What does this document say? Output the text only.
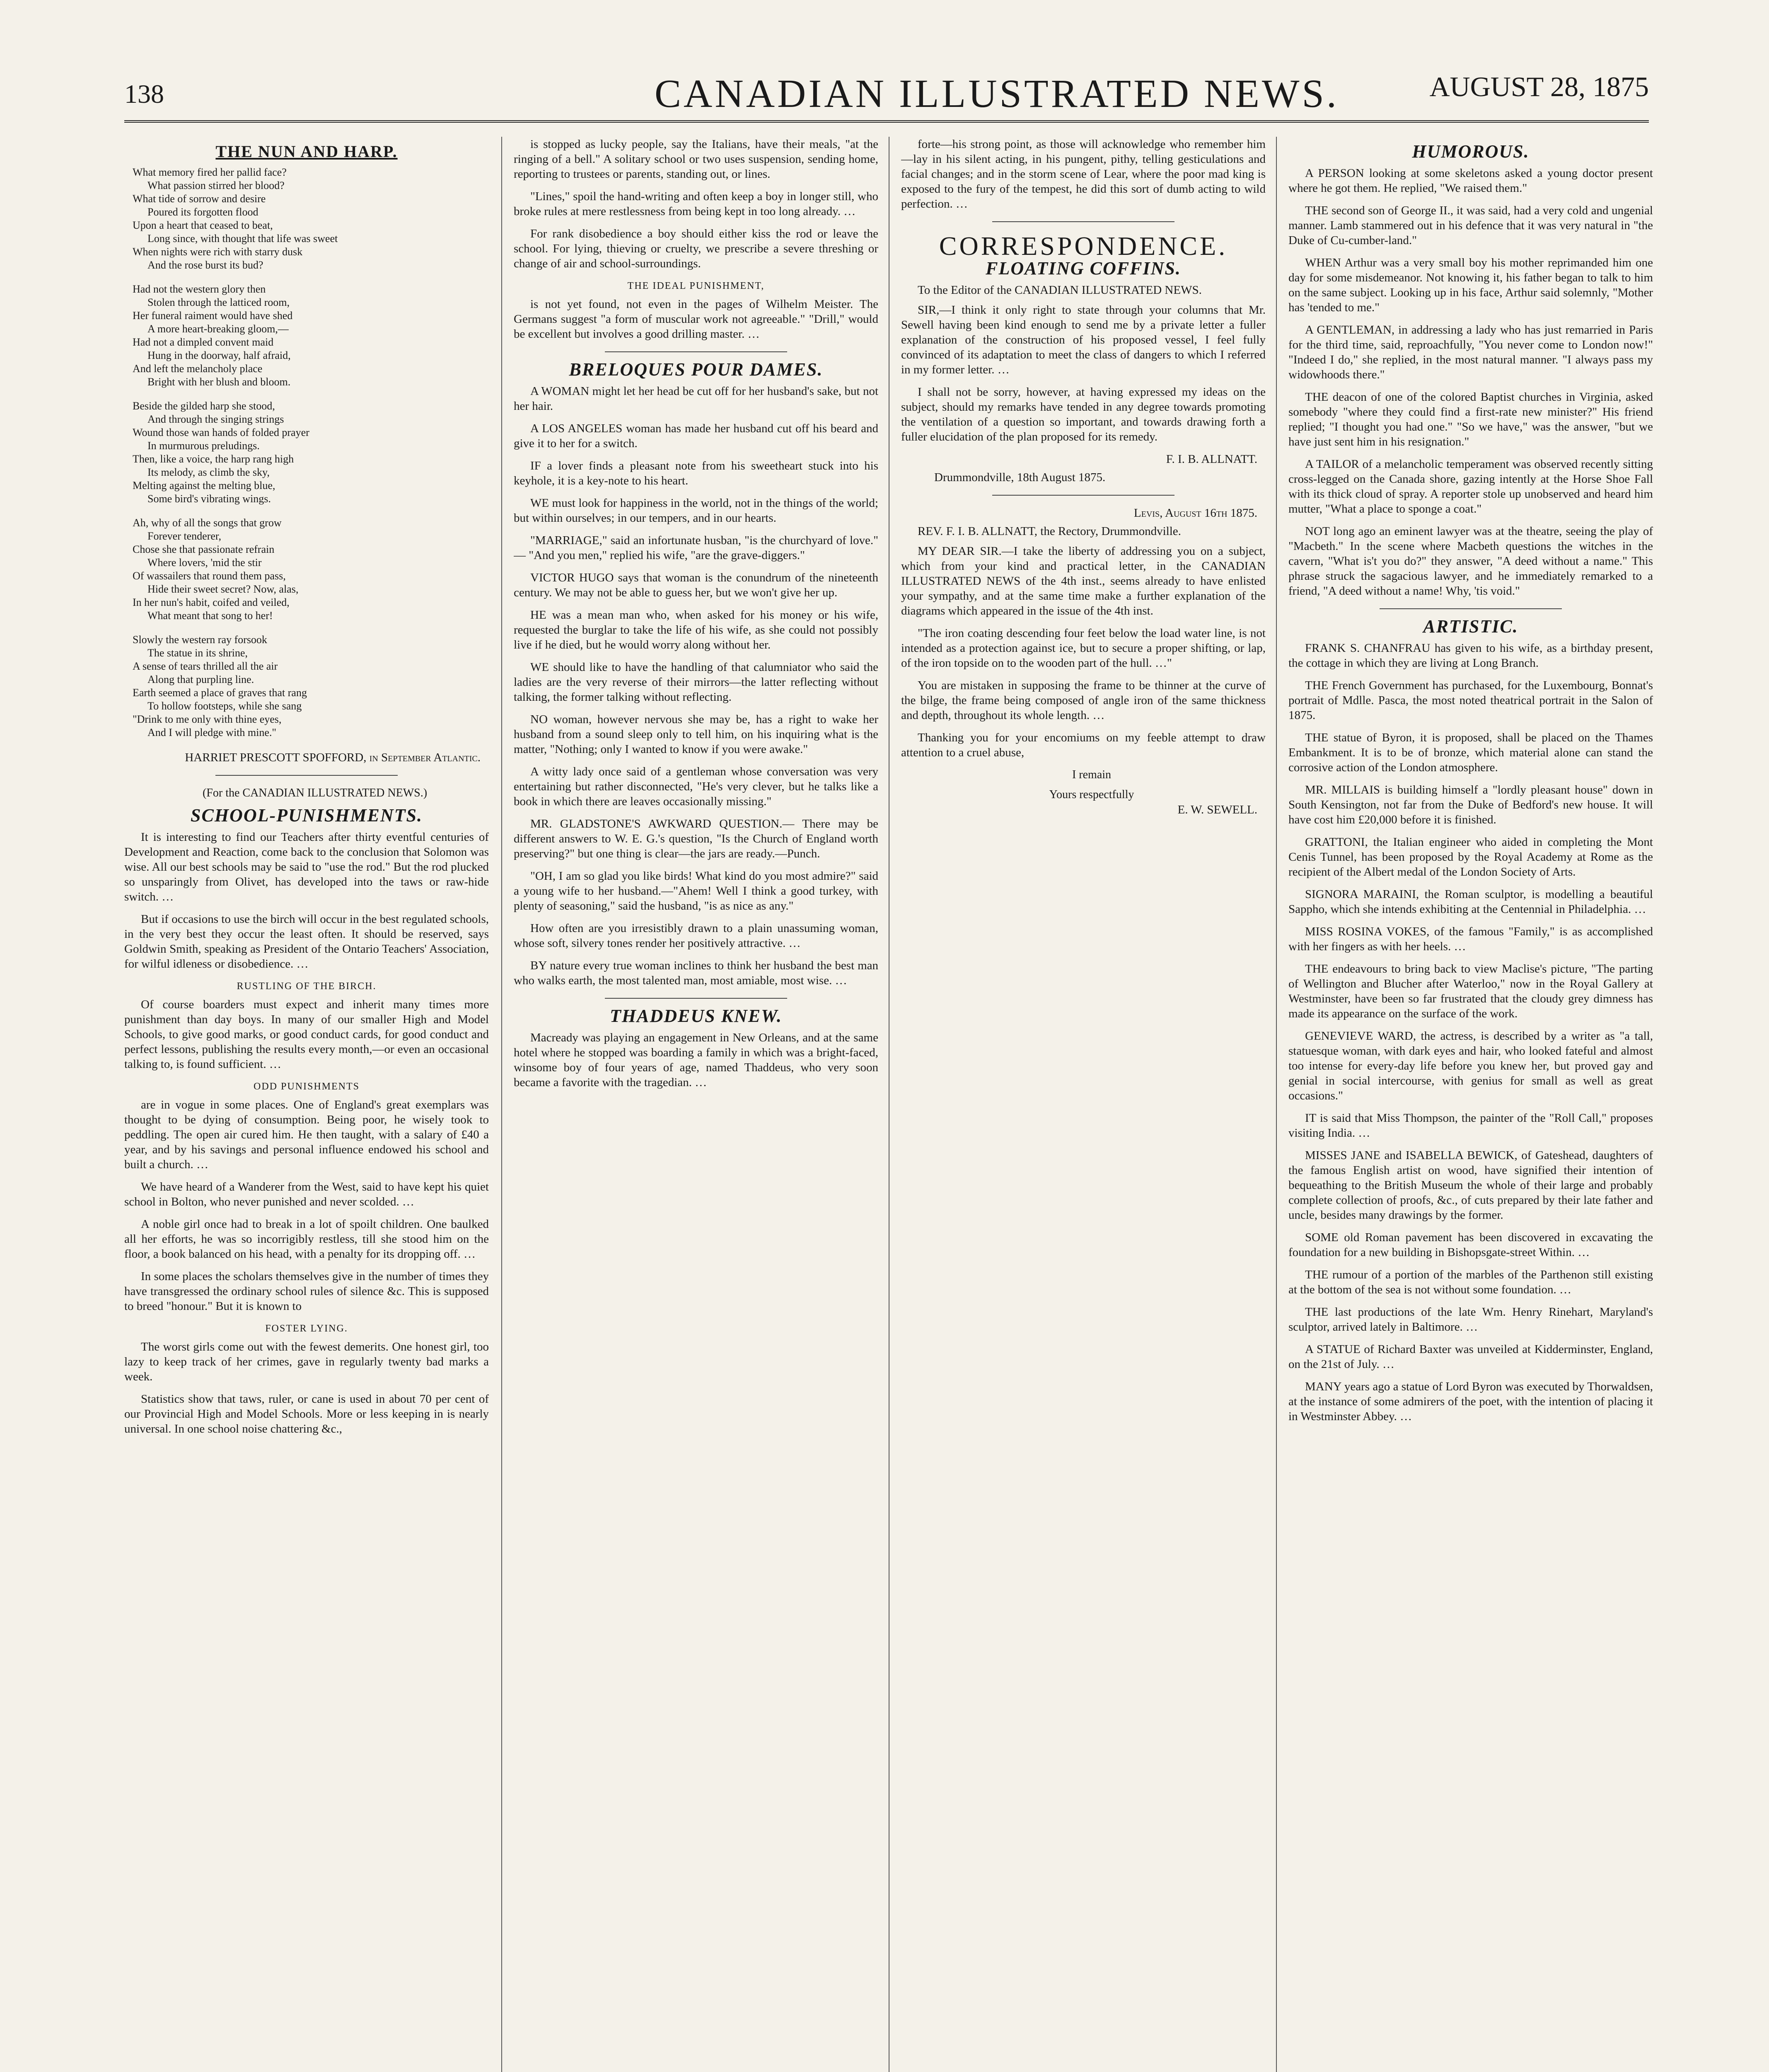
138	CANADIAN ILLUSTRATED NEWS.	AUGUST 28, 1875
THE NUN AND HARP.
What memory fired her pallid face?
What passion stirred her blood?
What tide of sorrow and desire
Poured its forgotten flood
Upon a heart that ceased to beat,
Long since, with thought that life was sweet
When nights were rich with starry dusk
And the rose burst its bud?
Had not the western glory then
Stolen through the latticed room,
Her funeral raiment would have shed
A more heart-breaking gloom,—
Had not a dimpled convent maid
Hung in the doorway, half afraid,
And left the melancholy place
Bright with her blush and bloom.
Beside the gilded harp she stood,
And through the singing strings
Wound those wan hands of folded prayer
In murmurous preludings.
Then, like a voice, the harp rang high
Its melody, as climb the sky,
Melting against the melting blue,
Some bird's vibrating wings.
Ah, why of all the songs that grow
Forever tenderer,
Chose she that passionate refrain
Where lovers, 'mid the stir
Of wassailers that round them pass,
Hide their sweet secret? Now, alas,
In her nun's habit, coifed and veiled,
What meant that song to her!
Slowly the western ray forsook
The statue in its shrine,
A sense of tears thrilled all the air
Along that purpling line.
Earth seemed a place of graves that rang
To hollow footsteps, while she sang
"Drink to me only with thine eyes,
And I will pledge with mine."

HARRIET PRESCOTT SPOFFORD, in September Atlantic.

(For the CANADIAN ILLUSTRATED NEWS.)

SCHOOL-PUNISHMENTS.

It is interesting to find our Teachers after thirty eventful centuries of Development and Reaction, come back to the conclusion that Solomon was wise. All our best schools may be said to "use the rod." But the rod plucked so unsparingly from Olivet, has developed into the taws or raw-hide switch. …

But if occasions to use the birch will occur in the best regulated schools, in the very best they occur the least often. It should be reserved, says Goldwin Smith, speaking as President of the Ontario Teachers' Association, for wilful idleness or disobedience. …

RUSTLING OF THE BIRCH.

Of course boarders must expect and inherit many times more punishment than day boys. In many of our smaller High and Model Schools, to give good marks, or good conduct cards, for good conduct and perfect lessons, publishing the results every month,—or even an occasional talking to, is found sufficient. …

ODD PUNISHMENTS

are in vogue in some places. One of England's great exemplars was thought to be dying of consumption. Being poor, he wisely took to peddling. The open air cured him. He then taught, with a salary of £40 a year, and by his savings and personal influence endowed his school and built a church. …

We have heard of a Wanderer from the West, said to have kept his quiet school in Bolton, who never punished and never scolded. …

A noble girl once had to break in a lot of spoilt children. One baulked all her efforts, he was so incorrigibly restless, till she stood him on the floor, a book balanced on his head, with a penalty for its dropping off. …

In some places the scholars themselves give in the number of times they have transgressed the ordinary school rules of silence &c. This is supposed to breed "honour." But it is known to

FOSTER LYING.

The worst girls come out with the fewest demerits. One honest girl, too lazy to keep track of her crimes, gave in regularly twenty bad marks a week.

Statistics show that taws, ruler, or cane is used in about 70 per cent of our Provincial High and Model Schools. More or less keeping in is nearly universal. In one school noise chattering &c.,

is stopped as lucky people, say the Italians, have their meals, "at the ringing of a bell." A solitary school or two uses suspension, sending home, reporting to trustees or parents, standing out, or lines.

"Lines," spoil the hand-writing and often keep a boy in longer still, who broke rules at mere restlessness from being kept in too long already. …

For rank disobedience a boy should either kiss the rod or leave the school. For lying, thieving or cruelty, we prescribe a severe threshing or change of air and school-surroundings.

THE IDEAL PUNISHMENT,

is not yet found, not even in the pages of Wilhelm Meister. The Germans suggest "a form of muscular work not agreeable." "Drill," would be excellent but involves a good drilling master. …

BRELOQUES POUR DAMES.

A WOMAN might let her head be cut off for her husband's sake, but not her hair.

A LOS ANGELES woman has made her husband cut off his beard and give it to her for a switch.

IF a lover finds a pleasant note from his sweetheart stuck into his keyhole, it is a key-note to his heart.

WE must look for happiness in the world, not in the things of the world; but within ourselves; in our tempers, and in our hearts.

"MARRIAGE," said an infortunate husban, "is the churchyard of love." — "And you men," replied his wife, "are the grave-diggers."

VICTOR HUGO says that woman is the conundrum of the nineteenth century. We may not be able to guess her, but we won't give her up.

HE was a mean man who, when asked for his money or his wife, requested the burglar to take the life of his wife, as she could not possibly live if he died, but he would worry along without her.

WE should like to have the handling of that calumniator who said the ladies are the very reverse of their mirrors—the latter reflecting without talking, the former talking without reflecting.

NO woman, however nervous she may be, has a right to wake her husband from a sound sleep only to tell him, on his inquiring what is the matter, "Nothing; only I wanted to know if you were awake."

A witty lady once said of a gentleman whose conversation was very entertaining but rather disconnected, "He's very clever, but he talks like a book in which there are leaves occasionally missing."

MR. GLADSTONE'S AWKWARD QUESTION.— There may be different answers to W. E. G.'s question, "Is the Church of England worth preserving?" but one thing is clear—the jars are ready.—Punch.

"OH, I am so glad you like birds! What kind do you most admire?" said a young wife to her husband.—"Ahem! Well I think a good turkey, with plenty of seasoning," said the husband, "is as nice as any."

How often are you irresistibly drawn to a plain unassuming woman, whose soft, silvery tones render her positively attractive. …

BY nature every true woman inclines to think her husband the best man who walks earth, the most talented man, most amiable, most wise. …

THADDEUS KNEW.

Macready was playing an engagement in New Orleans, and at the same hotel where he stopped was boarding a family in which was a bright-faced, winsome boy of four years of age, named Thaddeus, who very soon became a favorite with the tragedian. …

forte—his strong point, as those will acknowledge who remember him—lay in his silent acting, in his pungent, pithy, telling gesticulations and facial changes; and in the storm scene of Lear, where the poor mad king is exposed to the fury of the tempest, he did this sort of dumb acting to wild perfection. …

CORRESPONDENCE.
FLOATING COFFINS.

To the Editor of the CANADIAN ILLUSTRATED NEWS.

SIR,—I think it only right to state through your columns that Mr. Sewell having been kind enough to send me by a private letter a fuller explanation of the construction of his proposed vessel, I feel fully convinced of its adaptation to meet the class of dangers to which I referred in my former letter. …

I shall not be sorry, however, at having expressed my ideas on the subject, should my remarks have tended in any degree towards promoting the ventilation of a question so important, and towards drawing forth a fuller elucidation of the plan proposed for its remedy.

F. I. B. ALLNATT.

Drummondville, 18th August 1875.

Levis, August 16th 1875.

REV. F. I. B. ALLNATT, the Rectory, Drummondville.

MY DEAR SIR.—I take the liberty of addressing you on a subject, which from your kind and practical letter, in the CANADIAN ILLUSTRATED NEWS of the 4th inst., seems already to have enlisted your sympathy, and at the same time make a further explanation of the diagrams which appeared in the issue of the 4th inst.

"The iron coating descending four feet below the load water line, is not intended as a protection against ice, but to secure a proper shifting, or lap, of the iron topside on to the wooden part of the hull. …"

You are mistaken in supposing the frame to be thinner at the curve of the bilge, the frame being composed of angle iron of the same thickness and depth, throughout its whole length. …

Thanking you for your encomiums on my feeble attempt to draw attention to a cruel abuse,

I remain

Yours respectfully

E. W. SEWELL.

HUMOROUS.

A PERSON looking at some skeletons asked a young doctor present where he got them. He replied, "We raised them."

THE second son of George II., it was said, had a very cold and ungenial manner. Lamb stammered out in his defence that it was very natural in "the Duke of Cu-cumber-land."

WHEN Arthur was a very small boy his mother reprimanded him one day for some misdemeanor. Not knowing it, his father began to talk to him on the same subject. Looking up in his face, Arthur said solemnly, "Mother has 'tended to me."

A GENTLEMAN, in addressing a lady who has just remarried in Paris for the third time, said, reproachfully, "You never come to London now!" "Indeed I do," she replied, in the most natural manner. "I always pass my widowhoods there."

THE deacon of one of the colored Baptist churches in Virginia, asked somebody "where they could find a first-rate new minister?" His friend replied; "I thought you had one." "So we have," was the answer, "but we have just sent him in his resignation."

A TAILOR of a melancholic temperament was observed recently sitting cross-legged on the Canada shore, gazing intently at the Horse Shoe Fall with its thick cloud of spray. A reporter stole up unobserved and heard him mutter, "What a place to sponge a coat."

NOT long ago an eminent lawyer was at the theatre, seeing the play of "Macbeth." In the scene where Macbeth questions the witches in the cavern, "What is't you do?" they answer, "A deed without a name." This phrase struck the sagacious lawyer, and he immediately remarked to a friend, "A deed without a name! Why, 'tis void."

ARTISTIC.

FRANK S. CHANFRAU has given to his wife, as a birthday present, the cottage in which they are living at Long Branch.

THE French Government has purchased, for the Luxembourg, Bonnat's portrait of Mdlle. Pasca, the most noted theatrical portrait in the Salon of 1875.

THE statue of Byron, it is proposed, shall be placed on the Thames Embankment. It is to be of bronze, which material alone can stand the corrosive action of the London atmosphere.

MR. MILLAIS is building himself a "lordly pleasant house" down in South Kensington, not far from the Duke of Bedford's new house. It will have cost him £20,000 before it is finished.

GRATTONI, the Italian engineer who aided in completing the Mont Cenis Tunnel, has been proposed by the Royal Academy at Rome as the recipient of the Albert medal of the London Society of Arts.

SIGNORA MARAINI, the Roman sculptor, is modelling a beautiful Sappho, which she intends exhibiting at the Centennial in Philadelphia. …

MISS ROSINA VOKES, of the famous "Family," is as accomplished with her fingers as with her heels. …

THE endeavours to bring back to view Maclise's picture, "The parting of Wellington and Blucher after Waterloo," now in the Royal Gallery at Westminster, have been so far frustrated that the cloudy grey dimness has made its appearance on the surface of the work.

GENEVIEVE WARD, the actress, is described by a writer as "a tall, statuesque woman, with dark eyes and hair, who looked fateful and almost too intense for every-day life before you knew her, but proved gay and genial in social intercourse, with genius for small as well as great occasions."

IT is said that Miss Thompson, the painter of the "Roll Call," proposes visiting India. …

MISSES JANE and ISABELLA BEWICK, of Gateshead, daughters of the famous English artist on wood, have signified their intention of bequeathing to the British Museum the whole of their large and probably complete collection of proofs, &c., of cuts prepared by their late father and uncle, besides many drawings by the former.

SOME old Roman pavement has been discovered in excavating the foundation for a new building in Bishopsgate-street Within. …

THE rumour of a portion of the marbles of the Parthenon still existing at the bottom of the sea is not without some foundation. …

THE last productions of the late Wm. Henry Rinehart, Maryland's sculptor, arrived lately in Baltimore. …

A STATUE of Richard Baxter was unveiled at Kidderminster, England, on the 21st of July. …

MANY years ago a statue of Lord Byron was executed by Thorwaldsen, at the instance of some admirers of the poet, with the intention of placing it in Westminster Abbey. …
